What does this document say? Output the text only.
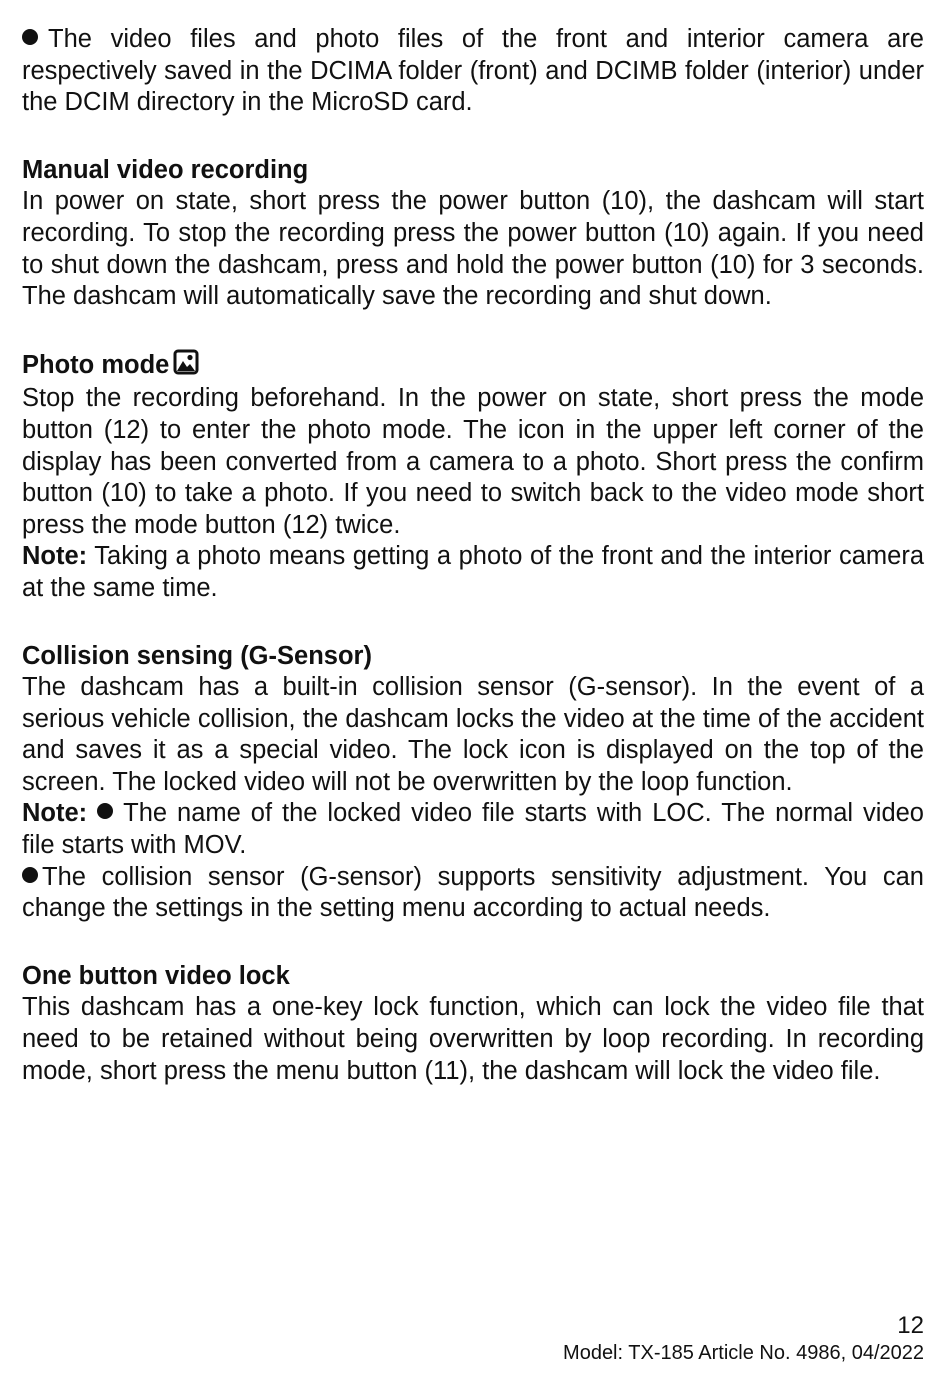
The video files and photo files of the front and interior camera are respectively saved in the DCIMA folder (front) and DCIMB folder (interior) under the DCIM directory in the MicroSD card.

Manual video recording

In power on state, short press the power button (10), the dashcam will start recording. To stop the recording press the power button (10) again. If you need to shut down the dashcam, press and hold the power button (10) for 3 seconds. The dashcam will automatically save the recording and shut down.

Photo mode

Stop the recording beforehand. In the power on state, short press the mode button (12) to enter the photo mode. The icon in the upper left corner of the display has been converted from a camera to a photo. Short press the confirm button (10) to take a photo. If you need to switch back to the video mode short press the mode button (12) twice.

Note: Taking a photo means getting a photo of the front and the interior camera at the same time.

Collision sensing (G-Sensor)

The dashcam has a built-in collision sensor (G-sensor). In the event of a serious vehicle collision, the dashcam locks the video at the time of the accident and saves it as a special video. The lock icon is displayed on the top of the screen. The locked video will not be overwritten by the loop function.

Note: The name of the locked video file starts with LOC. The normal video file starts with MOV.

The collision sensor (G-sensor) supports sensitivity adjustment. You can change the settings in the setting menu according to actual needs.

One button video lock

This dashcam has a one-key lock function, which can lock the video file that need to be retained without being overwritten by loop recording. In recording mode, short press the menu button (11), the dashcam will lock the video file.

12
Model: TX-185 Article No. 4986, 04/2022
